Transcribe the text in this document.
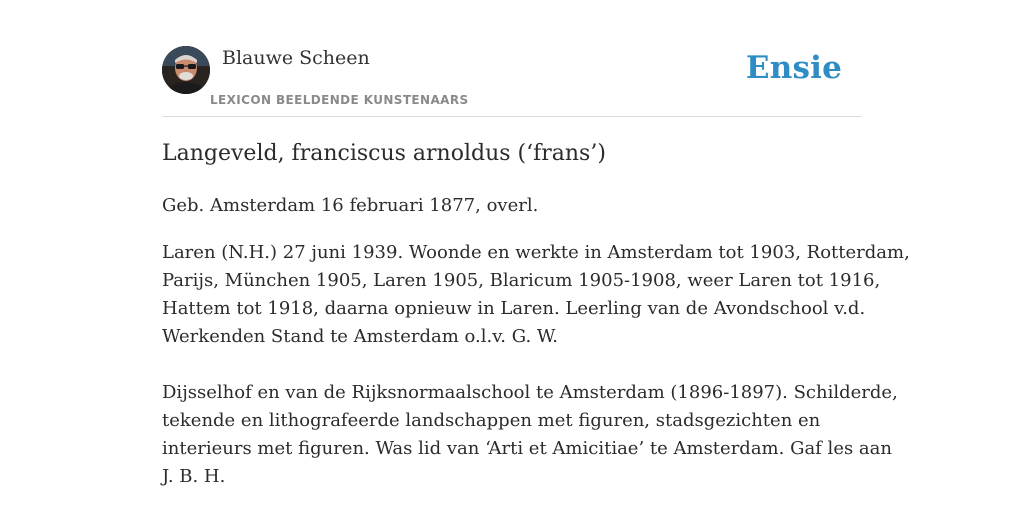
Blauwe Scheen
LEXICON BEELDENDE KUNSTENAARS
Ensie
Langeveld, franciscus arnoldus (‘frans’)

Geb. Amsterdam 16 februari 1877, overl.

Laren (N.H.) 27 juni 1939. Woonde en werkte in Amsterdam tot 1903, Rotterdam,
Parijs, München 1905, Laren 1905, Blaricum 1905-1908, weer Laren tot 1916,
Hattem tot 1918, daarna opnieuw in Laren. Leerling van de Avondschool v.d.
Werkenden Stand te Amsterdam o.l.v. G. W.

Dijsselhof en van de Rijksnormaalschool te Amsterdam (1896-1897). Schilderde,
tekende en lithografeerde landschappen met figuren, stadsgezichten en
interieurs met figuren. Was lid van ‘Arti et Amicitiae’ te Amsterdam. Gaf les aan
J. B. H.
